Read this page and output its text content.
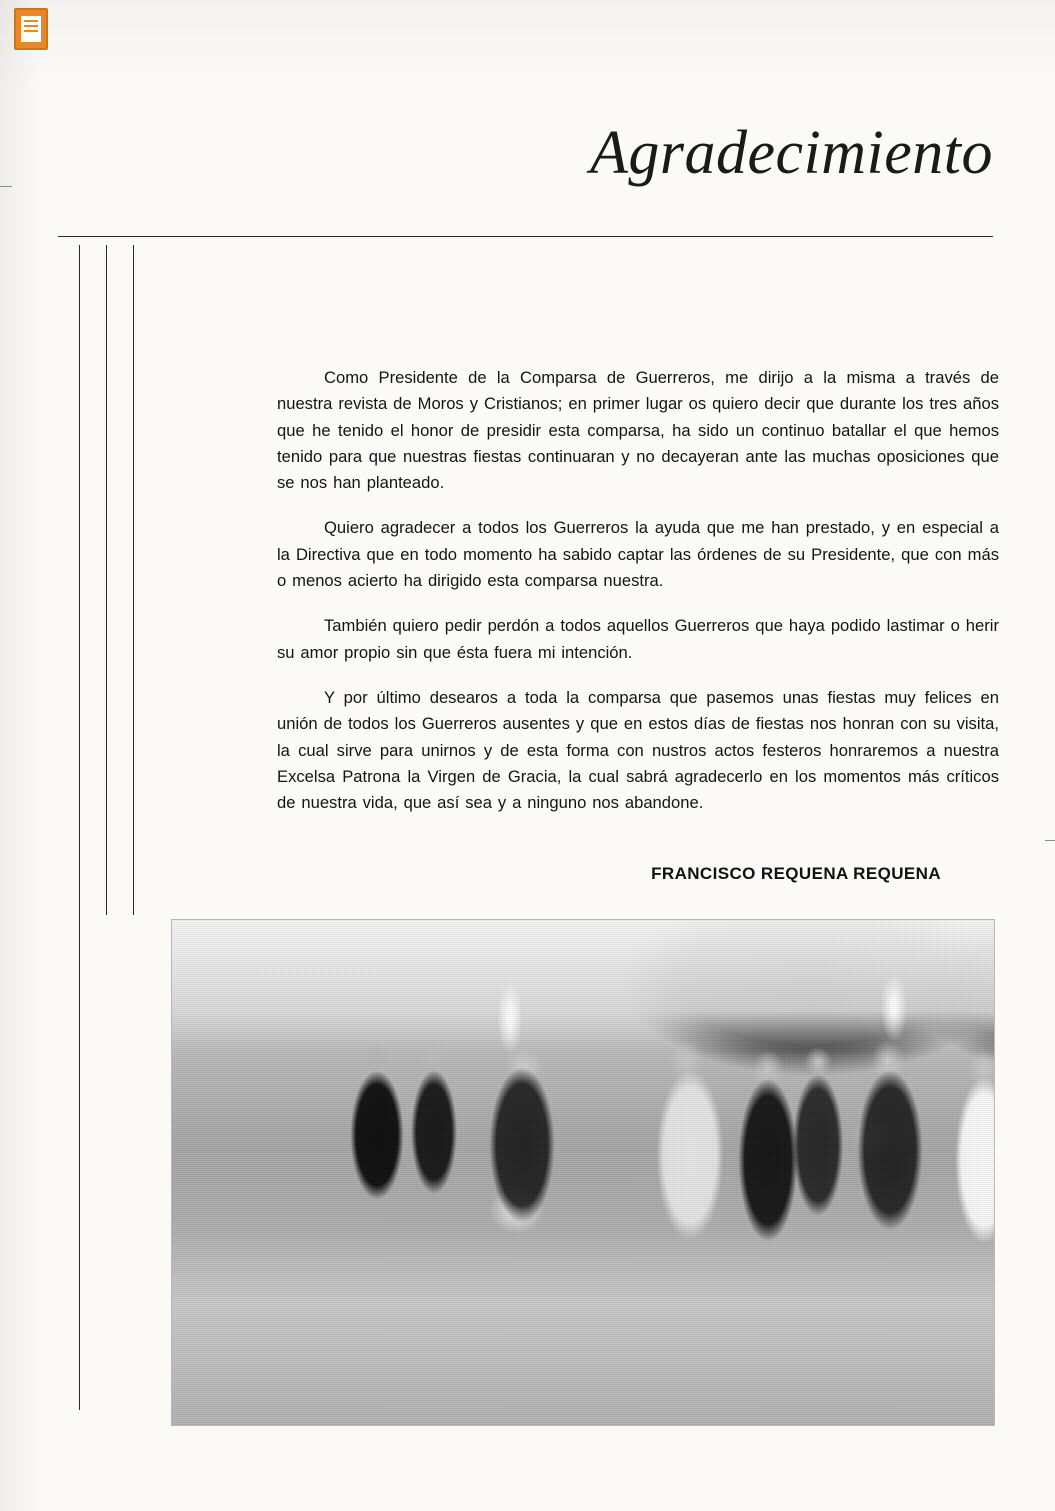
Agradecimiento

Como Presidente de la Comparsa de Guerreros, me dirijo a la misma a través de nuestra revista de Moros y Cristianos; en primer lugar os quiero decir que durante los tres años que he tenido el honor de presidir esta comparsa, ha sido un continuo batallar el que hemos tenido para que nuestras fiestas continuaran y no decayeran ante las muchas oposiciones que se nos han planteado.

Quiero agradecer a todos los Guerreros la ayuda que me han prestado, y en especial a la Directiva que en todo momento ha sabido captar las órdenes de su Presidente, que con más o menos acierto ha dirigido esta comparsa nuestra.

También quiero pedir perdón a todos aquellos Guerreros que haya podido lastimar o herir su amor propio sin que ésta fuera mi intención.

Y por último desearos a toda la comparsa que pasemos unas fiestas muy felices en unión de todos los Guerreros ausentes y que en estos días de fiestas nos honran con su visita, la cual sirve para unirnos y de esta forma con nustros actos festeros honraremos a nuestra Excelsa Patrona la Virgen de Gracia, la cual sabrá agradecerlo en los momentos más críticos de nuestra vida, que así sea y a ninguno nos abandone.

FRANCISCO REQUENA REQUENA
